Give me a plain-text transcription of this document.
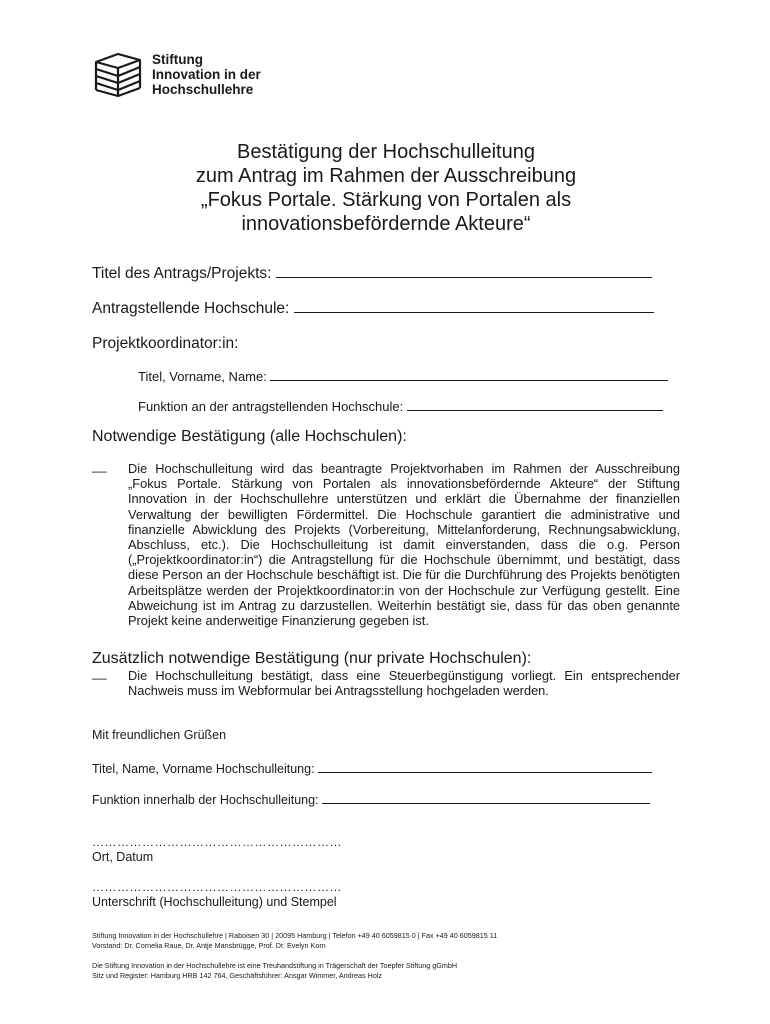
Stiftung
Innovation in der
Hochschullehre
Bestätigung der Hochschulleitung
zum Antrag im Rahmen der Ausschreibung
„Fokus Portale. Stärkung von Portalen als
innovationsbefördernde Akteure“
Titel des Antrags/Projekts:
Antragstellende Hochschule:
Projektkoordinator:in:
Titel, Vorname, Name:
Funktion an der antragstellenden Hochschule:
Notwendige Bestätigung (alle Hochschulen):
__ Die Hochschulleitung wird das beantragte Projektvorhaben im Rahmen der Ausschreibung „Fokus Portale. Stärkung von Portalen als innovationsbefördernde Akteure“ der Stiftung Innovation in der Hochschullehre unterstützen und erklärt die Übernahme der finanziellen Verwaltung der bewilligten Fördermittel. Die Hochschule garantiert die administrative und finanzielle Abwicklung des Projekts (Vorbereitung, Mittelanforderung, Rechnungsabwicklung, Abschluss, etc.). Die Hochschulleitung ist damit einverstanden, dass die o.g. Person („Projektkoordinator:in“) die Antragstellung für die Hochschule übernimmt, und bestätigt, dass diese Person an der Hochschule beschäftigt ist. Die für die Durchführung des Projekts benötigten Arbeitsplätze werden der Projektkoordinator:in von der Hochschule zur Verfügung gestellt. Eine Abweichung ist im Antrag zu darzustellen. Weiterhin bestätigt sie, dass für das oben genannte Projekt keine anderweitige Finanzierung gegeben ist.

Zusätzlich notwendige Bestätigung (nur private Hochschulen):
__ Die Hochschulleitung bestätigt, dass eine Steuerbegünstigung vorliegt. Ein entsprechender Nachweis muss im Webformular bei Antragsstellung hochgeladen werden.

Mit freundlichen Grüßen
Titel, Name, Vorname Hochschulleitung:
Funktion innerhalb der Hochschulleitung:
……………………………………………………
Ort, Datum
……………………………………………………
Unterschrift (Hochschulleitung) und Stempel
Stiftung Innovation in der Hochschullehre | Raboisen 30 | 20095 Hamburg | Telefon +49 40 6059815 0 | Fax +49 40 6059815 11
Vorstand: Dr. Cornelia Raue, Dr. Antje Mansbrügge, Prof. Dr. Evelyn Korn
Die Stiftung Innovation in der Hochschullehre ist eine Treuhandstiftung in Trägerschaft der Toepfer Stiftung gGmbH
Sitz und Register: Hamburg HRB 142 764, Geschäftsführer: Ansgar Wimmer, Andreas Holz
